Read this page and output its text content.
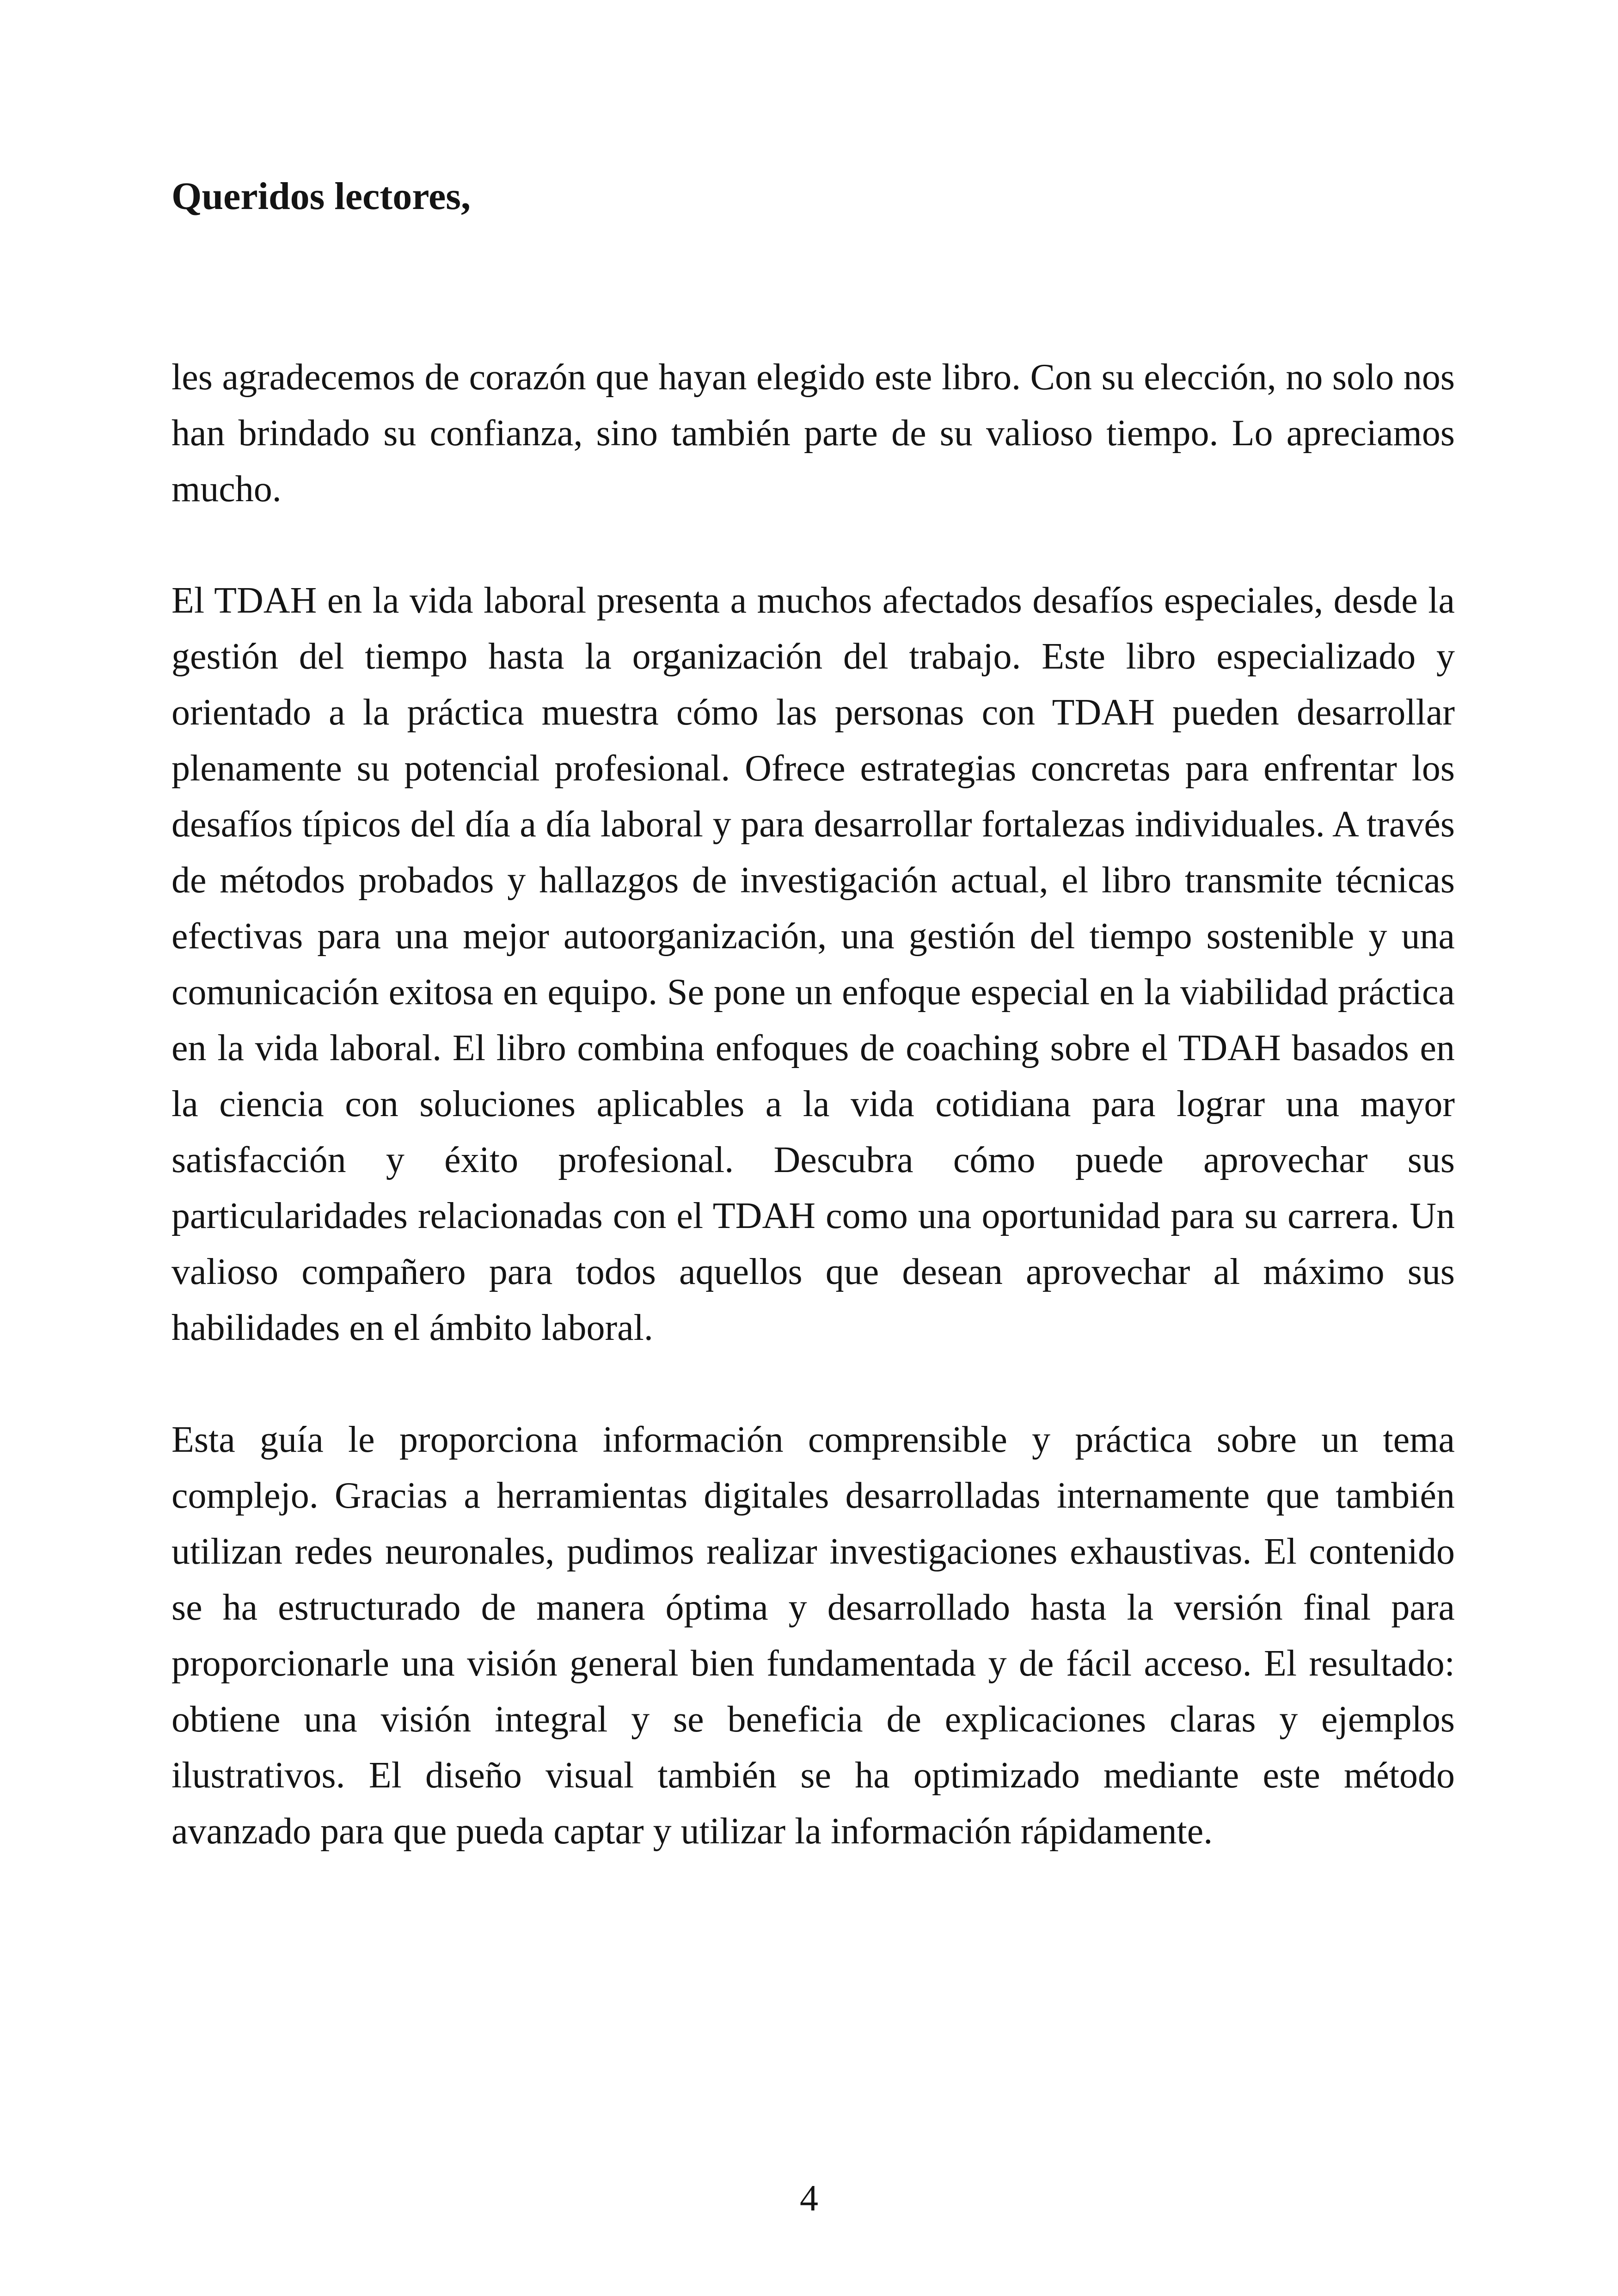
Queridos lectores,

les agradecemos de corazón que hayan elegido este libro. Con su elección, no solo nos han brindado su confianza, sino también parte de su valioso tiempo. Lo apreciamos mucho.

El TDAH en la vida laboral presenta a muchos afectados desafíos especiales, desde la gestión del tiempo hasta la organización del trabajo. Este libro especializado y orientado a la práctica muestra cómo las personas con TDAH pueden desarrollar plenamente su potencial profesional. Ofrece estrategias concretas para enfrentar los desafíos típicos del día a día laboral y para desarrollar fortalezas individuales. A través de métodos probados y hallazgos de investigación actual, el libro transmite técnicas efectivas para una mejor autoorganización, una gestión del tiempo sostenible y una comunicación exitosa en equipo. Se pone un enfoque especial en la viabilidad práctica en la vida laboral. El libro combina enfoques de coaching sobre el TDAH basados en la ciencia con soluciones aplicables a la vida cotidiana para lograr una mayor satisfacción y éxito profesional. Descubra cómo puede aprovechar sus particularidades relacionadas con el TDAH como una oportunidad para su carrera. Un valioso compañero para todos aquellos que desean aprovechar al máximo sus habilidades en el ámbito laboral.

Esta guía le proporciona información comprensible y práctica sobre un tema complejo. Gracias a herramientas digitales desarrolladas internamente que también utilizan redes neuronales, pudimos realizar investigaciones exhaustivas. El contenido se ha estructurado de manera óptima y desarrollado hasta la versión final para proporcionarle una visión general bien fundamentada y de fácil acceso. El resultado: obtiene una visión integral y se beneficia de explicaciones claras y ejemplos ilustrativos. El diseño visual también se ha optimizado mediante este método avanzado para que pueda captar y utilizar la información rápidamente.

4
